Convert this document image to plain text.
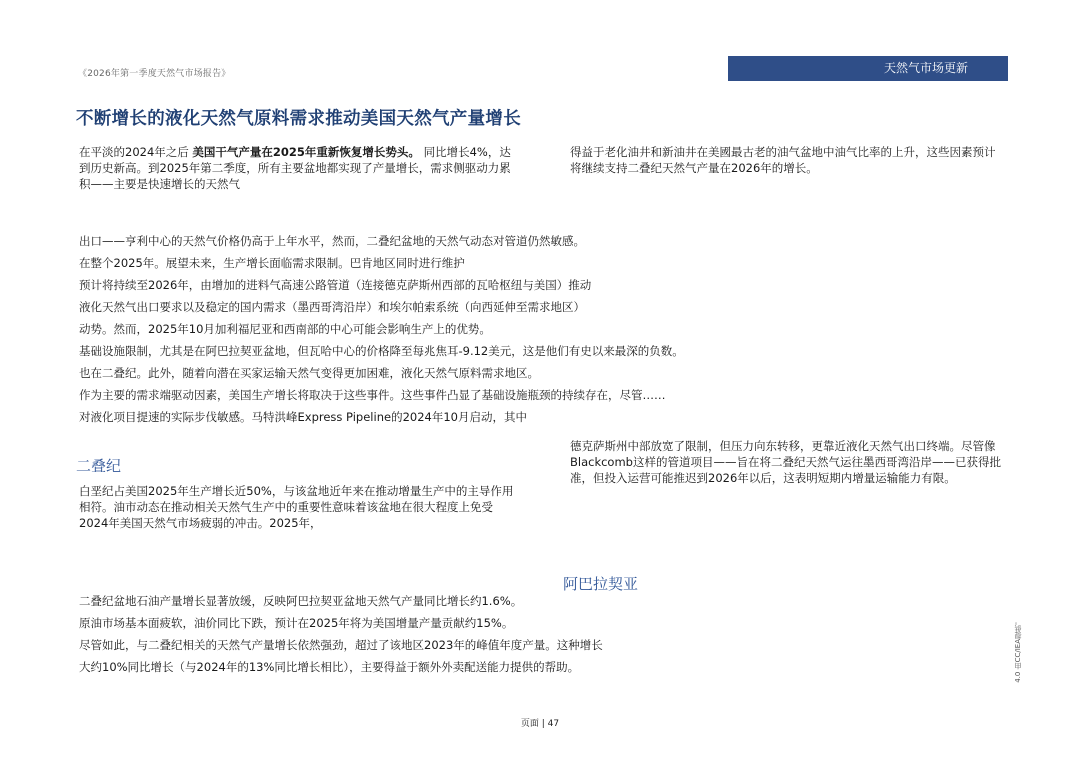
《2026年第一季度天然气市场报告》	天然气市场更新
不断增长的液化天然气原料需求推动美国天然气产量增长
在平淡的2024年之后 美国干气产量在2025年重新恢复增长势头。 同比增长4%，达到历史新高。到2025年第二季度，所有主要盆地都实现了产量增长，需求侧驱动力累积——主要是快速增长的天然气
得益于老化油井和新油井在美國最古老的油气盆地中油气比率的上升，这些因素预计将继续支持二叠纪天然气产量在2026年的增长。
出口——亨利中心的天然气价格仍高于上年水平，然而，二叠纪盆地的天然气动态对管道仍然敏感。
在整个2025年。展望未来，生产增长面临需求限制。巴肯地区同时进行维护
预计将持续至2026年，由增加的进料气高速公路管道（连接德克萨斯州西部的瓦哈枢纽与美国）推动
液化天然气出口要求以及稳定的国内需求（墨西哥湾沿岸）和埃尔帕索系统（向西延伸至需求地区）
动势。然而，2025年10月加利福尼亚和西南部的中心可能会影响生产上的优势。
基础设施限制，尤其是在阿巴拉契亚盆地，但瓦哈中心的价格降至每兆焦耳-9.12美元，这是他们有史以来最深的负数。
也在二叠纪。此外，随着向潜在买家运输天然气变得更加困难，液化天然气原料需求地区。
作为主要的需求端驱动因素，美国生产增长将取决于这些事件。这些事件凸显了基础设施瓶颈的持续存在，尽管……
对液化项目提速的实际步伐敏感。马特洪峰Express Pipeline的2024年10月启动，其中
二叠纪
白垩纪占美国2025年生产增长近50%，与该盆地近年来在推动增量生产中的主导作用相符。油市动态在推动相关天然气生产中的重要性意味着该盆地在很大程度上免受2024年美国天然气市场疲弱的冲击。2025年，
德克萨斯州中部放宽了限制，但压力向东转移，更靠近液化天然气出口终端。尽管像Blackcomb这样的管道项目——旨在将二叠纪天然气运往墨西哥湾沿岸——已获得批准，但投入运营可能推迟到2026年以后，这表明短期内增量运输能力有限。
阿巴拉契亚
二叠纪盆地石油产量增长显著放缓，反映阿巴拉契亚盆地天然气产量同比增长约1.6%。
原油市场基本面疲软，油价同比下跌，预计在2025年将为美国增量产量贡献约15%。
尽管如此，与二叠纪相关的天然气产量增长依然强劲，超过了该地区2023年的峰值年度产量。这种增长
大约10%同比增长（与2024年的13%同比增长相比），主要得益于额外外卖配送能力提供的帮助。	4.0 由CC/IEA提供。
页面 | 47
